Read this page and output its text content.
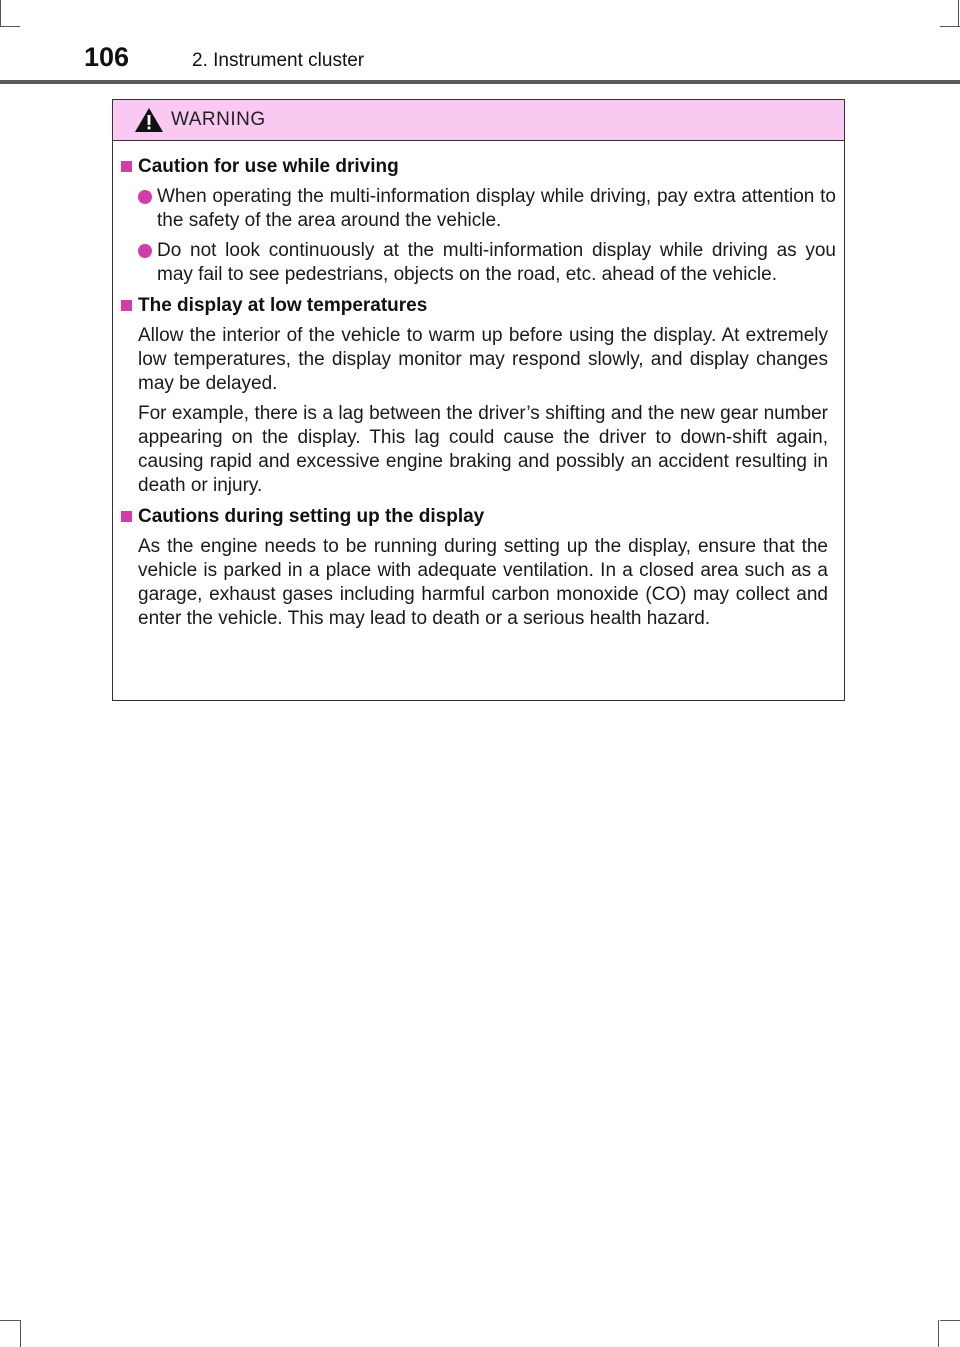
106	2. Instrument cluster
WARNING
Caution for use while driving
When operating the multi-information display while driving, pay extra attention to the safety of the area around the vehicle.
Do not look continuously at the multi-information display while driving as you may fail to see pedestrians, objects on the road, etc. ahead of the vehicle.
The display at low temperatures
Allow the interior of the vehicle to warm up before using the display. At extremely low temperatures, the display monitor may respond slowly, and display changes may be delayed.
For example, there is a lag between the driver’s shifting and the new gear number appearing on the display. This lag could cause the driver to down-shift again, causing rapid and excessive engine braking and possibly an accident resulting in death or injury.
Cautions during setting up the display
As the engine needs to be running during setting up the display, ensure that the vehicle is parked in a place with adequate ventilation. In a closed area such as a garage, exhaust gases including harmful carbon monoxide (CO) may collect and enter the vehicle. This may lead to death or a serious health hazard.
